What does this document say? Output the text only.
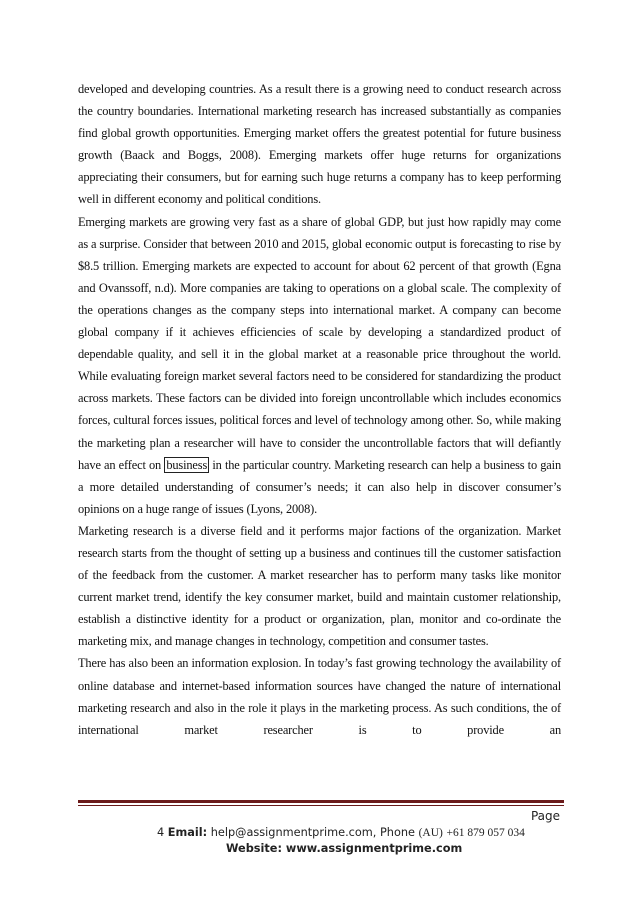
developed and developing countries. As a result there is a growing need to conduct research across the country boundaries. International marketing research has increased substantially as companies find global growth opportunities. Emerging market offers the greatest potential for future business growth (Baack and Boggs, 2008). Emerging markets offer huge returns for organizations appreciating their consumers, but for earning such huge returns a company has to keep performing well in different economy and political conditions.

Emerging markets are growing very fast as a share of global GDP, but just how rapidly may come as a surprise. Consider that between 2010 and 2015, global economic output is forecasting to rise by $8.5 trillion. Emerging markets are expected to account for about 62 percent of that growth (Egna and Ovanssoff, n.d). More companies are taking to operations on a global scale. The complexity of the operations changes as the company steps into international market. A company can become global company if it achieves efficiencies of scale by developing a standardized product of dependable quality, and sell it in the global market at a reasonable price throughout the world. While evaluating foreign market several factors need to be considered for standardizing the product across markets. These factors can be divided into foreign uncontrollable which includes economics forces, cultural forces issues, political forces and level of technology among other. So, while making the marketing plan a researcher will have to consider the uncontrollable factors that will defiantly have an effect on business in the particular country. Marketing research can help a business to gain a more detailed understanding of consumer’s needs; it can also help in discover consumer’s opinions on a huge range of issues (Lyons, 2008).

Marketing research is a diverse field and it performs major factions of the organization. Market research starts from the thought of setting up a business and continues till the customer satisfaction of the feedback from the customer. A market researcher has to perform many tasks like monitor current market trend, identify the key consumer market, build and maintain customer relationship, establish a distinctive identity for a product or organization, plan, monitor and co-ordinate the marketing mix, and manage changes in technology, competition and consumer tastes.

There has also been an information explosion. In today’s fast growing technology the availability of online database and internet-based information sources have changed the nature of international marketing research and also in the role it plays in the marketing process. As such conditions, the of international market researcher is to provide an

Page
4 Email: help@assignmentprime.com, Phone (AU) +61 879 057 034
Website: www.assignmentprime.com
